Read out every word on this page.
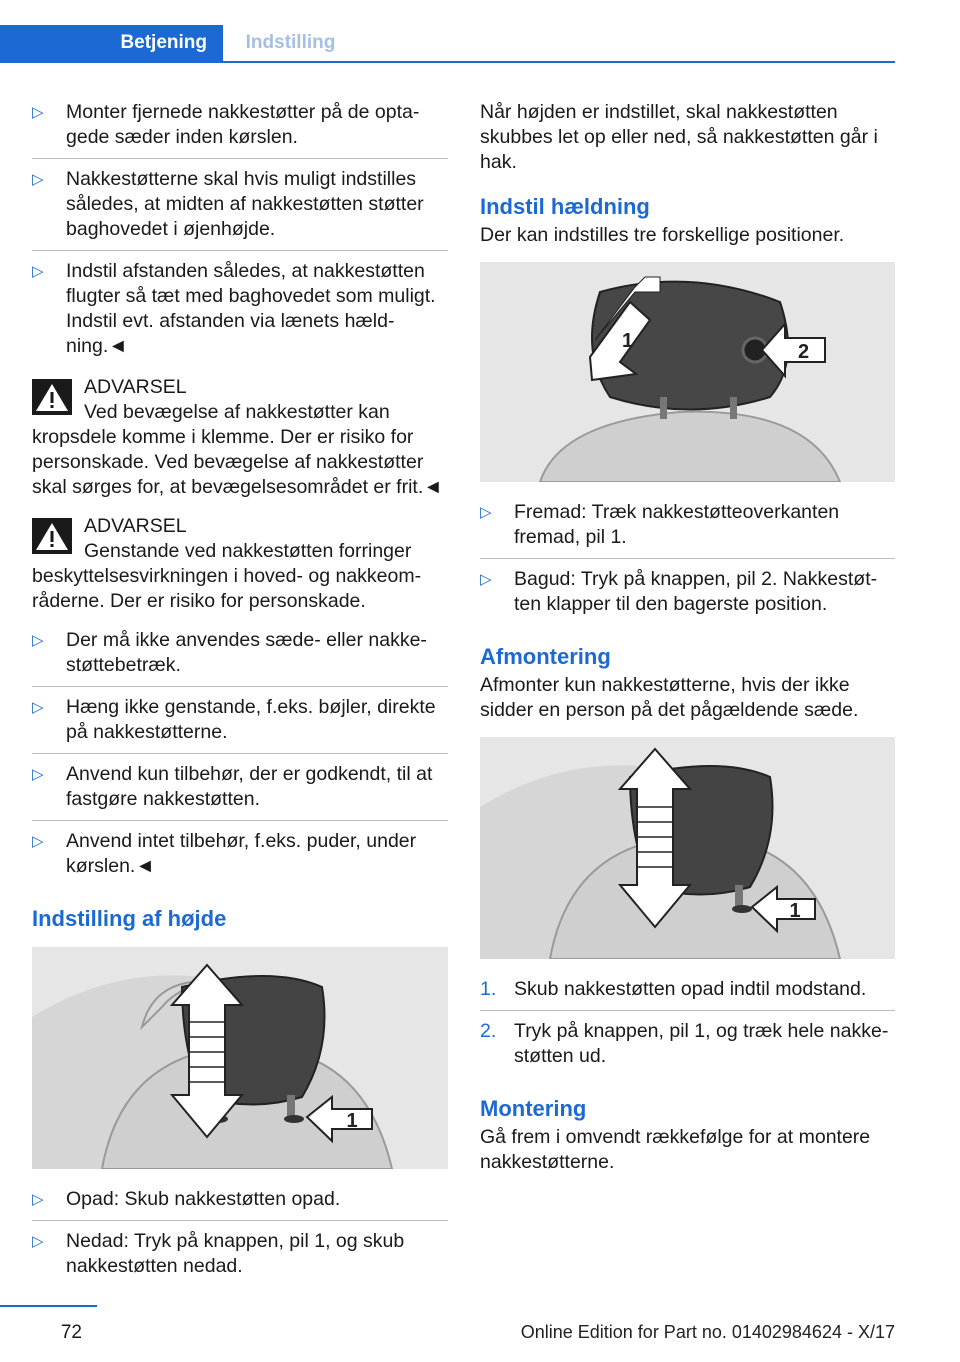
Betjening	Indstilling
▷ Monter fjernede nakkestøtter på de optagede sæder inden kørslen.
▷ Nakkestøtterne skal hvis muligt indstilles således, at midten af nakkestøtten støtter baghovedet i øjenhøjde.
▷ Indstil afstanden således, at nakkestøtten flugter så tæt med baghovedet som muligt. Indstil evt. afstanden via lænets hældning.◄
ADVARSEL
Ved bevægelse af nakkestøtter kan kropsdele komme i klemme. Der er risiko for personskade. Ved bevægelse af nakkestøtter skal sørges for, at bevægelsesområdet er frit.◄
ADVARSEL
Genstande ved nakkestøtten forringer beskyttelsesvirkningen i hoved- og nakkeområderne. Der er risiko for personskade.
▷ Der må ikke anvendes sæde- eller nakkestøttebetræk.
▷ Hæng ikke genstande, f.eks. bøjler, direkte på nakkestøtterne.
▷ Anvend kun tilbehør, der er godkendt, til at fastgøre nakkestøtten.
▷ Anvend intet tilbehør, f.eks. puder, under kørslen.◄
Indstilling af højde
1
▷ Opad: Skub nakkestøtten opad.
▷ Nedad: Tryk på knappen, pil 1, og skub nakkestøtten nedad.

Når højden er indstillet, skal nakkestøtten skubbes let op eller ned, så nakkestøtten går i hak.

Indstil hældning

Der kan indstilles tre forskellige positioner.

1	2
▷ Fremad: Træk nakkestøtteoverkanten fremad, pil 1.
▷ Bagud: Tryk på knappen, pil 2. Nakkestøtten klapper til den bagerste position.
Afmontering

Afmonter kun nakkestøtterne, hvis der ikke sidder en person på det pågældende sæde.

1
1. Skub nakkestøtten opad indtil modstand.
2. Tryk på knappen, pil 1, og træk hele nakkestøtten ud.
Montering

Gå frem i omvendt rækkefølge for at montere nakkestøtterne.

72	Online Edition for Part no. 01402984624 - X/17
